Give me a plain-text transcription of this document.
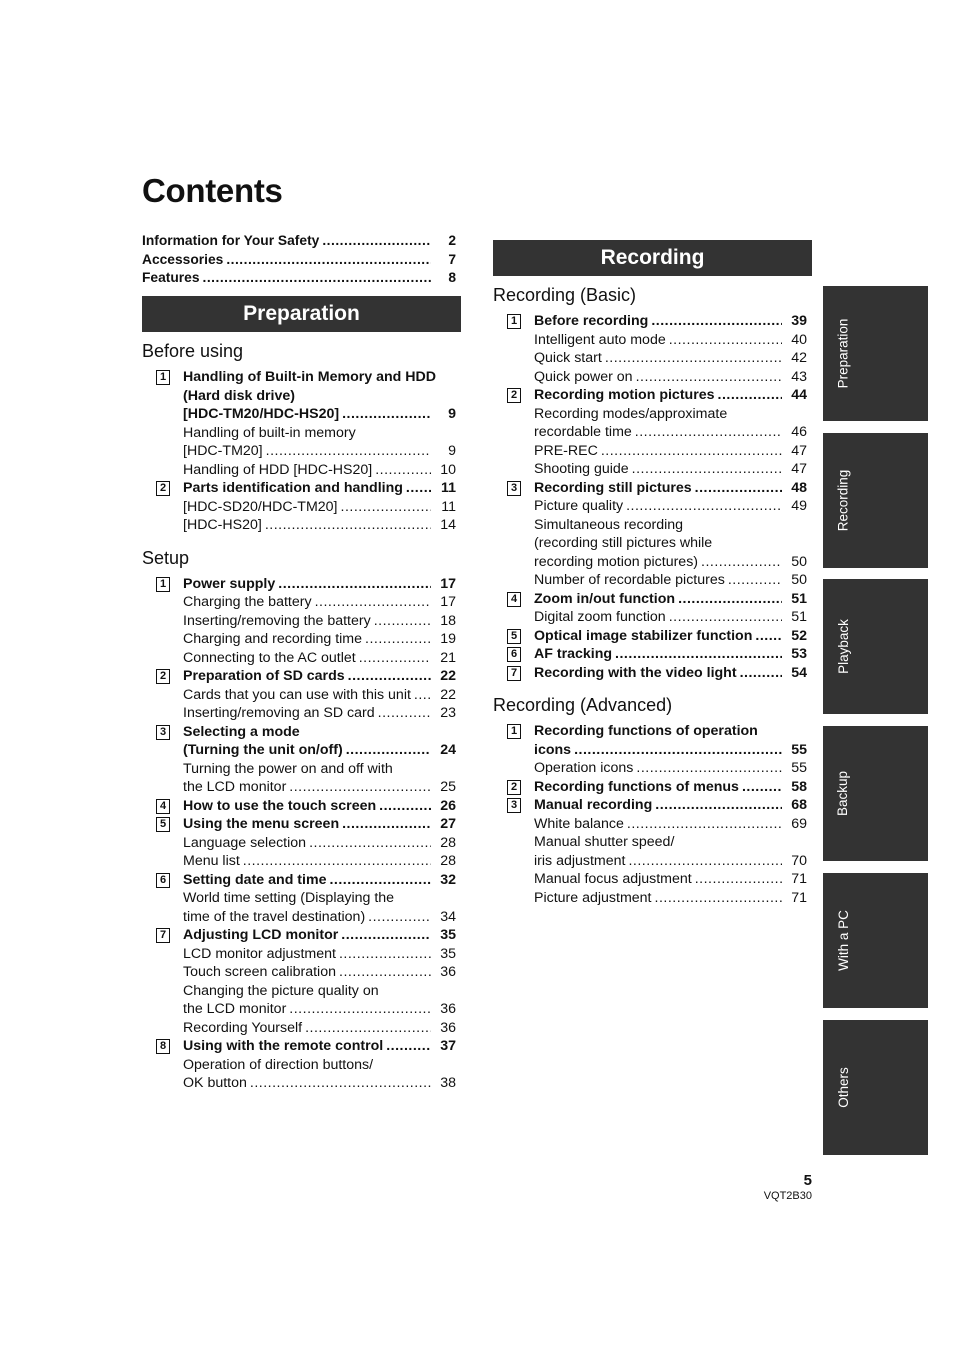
Contents
Information for Your Safety .....	2
Accessories .....	7
Features .....	8
Preparation
Before using
1 Handling of Built-in Memory and HDD
(Hard disk drive)
[HDC-TM20/HDC-HS20] .....	9
Handling of built-in memory
[HDC-TM20] .....	9
Handling of HDD [HDC-HS20] .....	10
2 Parts identification and handling .....	11
[HDC-SD20/HDC-TM20] .....	11
[HDC-HS20] .....	14
Setup
1 Power supply .....	17
Charging the battery .....	17
Inserting/removing the battery .....	18
Charging and recording time .....	19
Connecting to the AC outlet .....	21
2 Preparation of SD cards .....	22
Cards that you can use with this unit .....	22
Inserting/removing an SD card .....	23
3 Selecting a mode
(Turning the unit on/off) .....	24
Turning the power on and off with
the LCD monitor .....	25
4 How to use the touch screen .....	26
5 Using the menu screen .....	27
Language selection .....	28
Menu list .....	28
6 Setting date and time .....	32
World time setting (Displaying the
time of the travel destination) .....	34
7 Adjusting LCD monitor .....	35
LCD monitor adjustment .....	35
Touch screen calibration .....	36
Changing the picture quality on
the LCD monitor .....	36
Recording Yourself .....	36
8 Using with the remote control .....	37
Operation of direction buttons/
OK button .....	38
Recording
Recording (Basic)
1 Before recording .....	39
Intelligent auto mode .....	40
Quick start .....	42
Quick power on .....	43
2 Recording motion pictures .....	44
Recording modes/approximate
recordable time .....	46
PRE-REC .....	47
Shooting guide .....	47
3 Recording still pictures .....	48
Picture quality .....	49
Simultaneous recording
(recording still pictures while
recording motion pictures) .....	50
Number of recordable pictures .....	50
4 Zoom in/out function .....	51
Digital zoom function .....	51
5 Optical image stabilizer function .....	52
6 AF tracking .....	53
7 Recording with the video light .....	54
Recording (Advanced)
1 Recording functions of operation
icons .....	55
Operation icons .....	55
2 Recording functions of menus .....	58
3 Manual recording .....	68
White balance .....	69
Manual shutter speed/
iris adjustment .....	70
Manual focus adjustment .....	71
Picture adjustment .....	71
Preparation
Recording
Playback
Backup
With a PC
Others
5
VQT2B30
